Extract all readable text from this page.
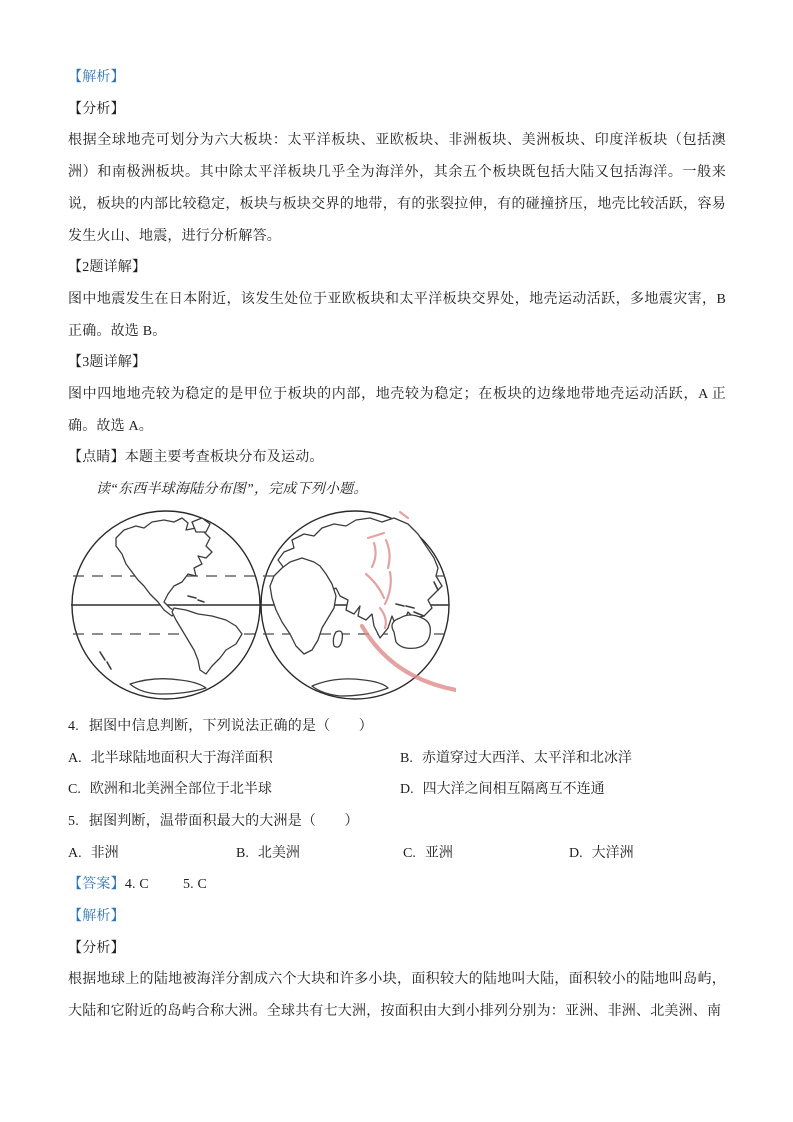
【解析】

【分析】

根据全球地壳可划分为六大板块：太平洋板块、亚欧板块、非洲板块、美洲板块、印度洋板块（包括澳洲）和南极洲板块。其中除太平洋板块几乎全为海洋外，其余五个板块既包括大陆又包括海洋。一般来说，板块的内部比较稳定，板块与板块交界的地带，有的张裂拉伸，有的碰撞挤压，地壳比较活跃，容易发生火山、地震，进行分析解答。

【2题详解】

图中地震发生在日本附近，该发生处位于亚欧板块和太平洋板块交界处，地壳运动活跃，多地震灾害，B 正确。故选 B。

【3题详解】

图中四地地壳较为稳定的是甲位于板块的内部，地壳较为稳定；在板块的边缘地带地壳运动活跃，A 正确。故选 A。

【点睛】本题主要考查板块分布及运动。

读“东西半球海陆分布图”，完成下列小题。

4. 据图中信息判断，下列说法正确的是（　　）

A. 北半球陆地面积大于海洋面积	B. 赤道穿过大西洋、太平洋和北冰洋
C. 欧洲和北美洲全部位于北半球	D. 四大洋之间相互隔离互不连通

5. 据图判断，温带面积最大的大洲是（　　）

A. 非洲	B. 北美洲	C. 亚洲	D. 大洋洲

【答案】4. C 5. C

【解析】

【分析】

根据地球上的陆地被海洋分割成六个大块和许多小块，面积较大的陆地叫大陆，面积较小的陆地叫岛屿，大陆和它附近的岛屿合称大洲。全球共有七大洲，按面积由大到小排列分别为：亚洲、非洲、北美洲、南
